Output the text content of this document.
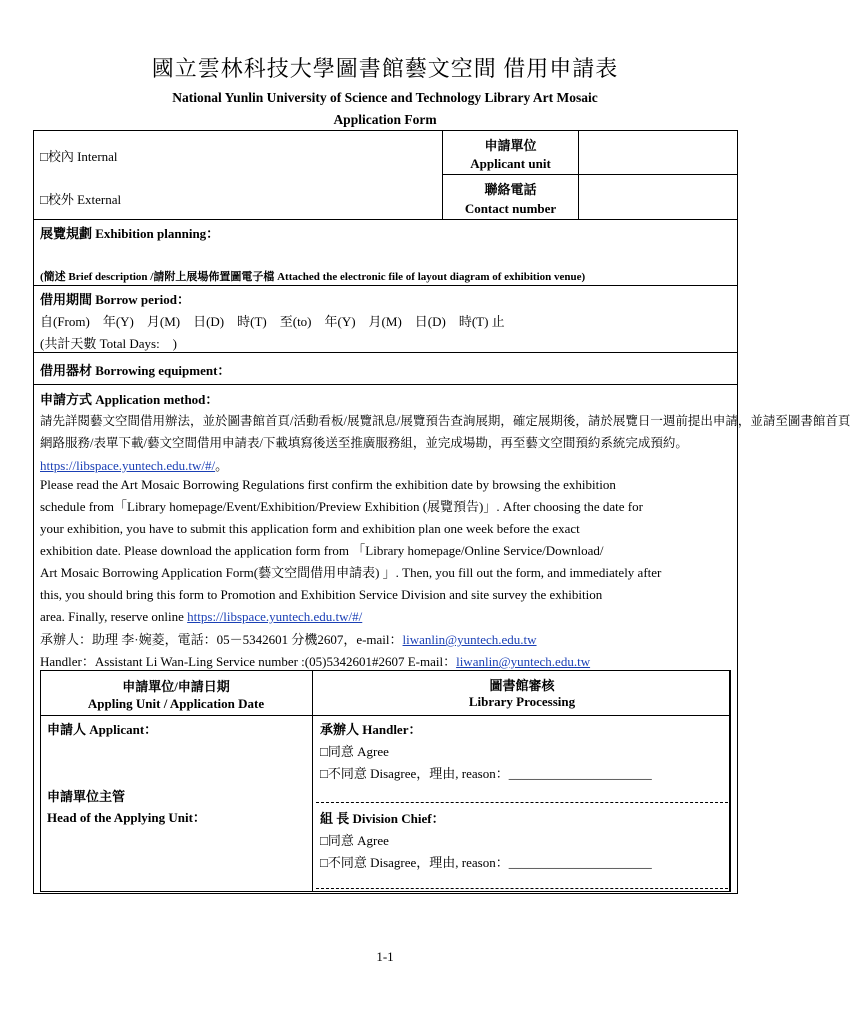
國立雲林科技大學圖書館藝文空間 借用申請表
National Yunlin University of Science and Technology Library Art Mosaic
Application Form
□校內 Internal
□校外 External
申請單位
Applicant unit
聯絡電話
Contact number
展覽規劃 Exhibition planning：
(簡述 Brief description /請附上展場佈置圖電子檔 Attached the electronic file of layout diagram of exhibition venue)
借用期間 Borrow period：
自(From)　年(Y)　月(M)　日(D)　時(T)　至(to)　年(Y)　月(M)　日(D)　時(T) 止
(共計天數 Total Days:　)
借用器材 Borrowing equipment：
申請方式 Application method：
請先詳閱藝文空間借用辦法，並於圖書館首頁/活動看板/展覽訊息/展覽預告查詢展期，確定展期後，請於展覽日一週前提出申請，並請至圖書館首頁
網路服務/表單下載/藝文空間借用申請表/下載填寫後送至推廣服務組，並完成場勘，再至藝文空間預約系統完成預約。
https://libspace.yuntech.edu.tw/#/。
Please read the Art Mosaic Borrowing Regulations first confirm the exhibition date by browsing the exhibition
schedule from「Library homepage/Event/Exhibition/Preview Exhibition (展覽預告)」. After choosing the date for
your exhibition, you have to submit this application form and exhibition plan one week before the exact
exhibition date. Please download the application form from 「Library homepage/Online Service/Download/
Art Mosaic Borrowing Application Form(藝文空間借用申請表) 」. Then, you fill out the form, and immediately after
this, you should bring this form to Promotion and Exhibition Service Division and site survey the exhibition
area. Finally, reserve online https://libspace.yuntech.edu.tw/#/
承辦人：助理 李·婉菱，電話：05－5342601 分機2607，e-mail：liwanlin@yuntech.edu.tw
Handler：Assistant Li Wan-Ling Service number :(05)5342601#2607 E-mail：liwanlin@yuntech.edu.tw
申請單位/申請日期
Appling Unit / Application Date
圖書館審核
Library Processing
申請人 Applicant：
申請單位主管
Head of the Applying Unit：
承辦人 Handler：
□同意 Agree
□不同意 Disagree，理由, reason：______________________
組 長 Division Chief：
□同意 Agree
□不同意 Disagree，理由, reason：______________________
1-1
